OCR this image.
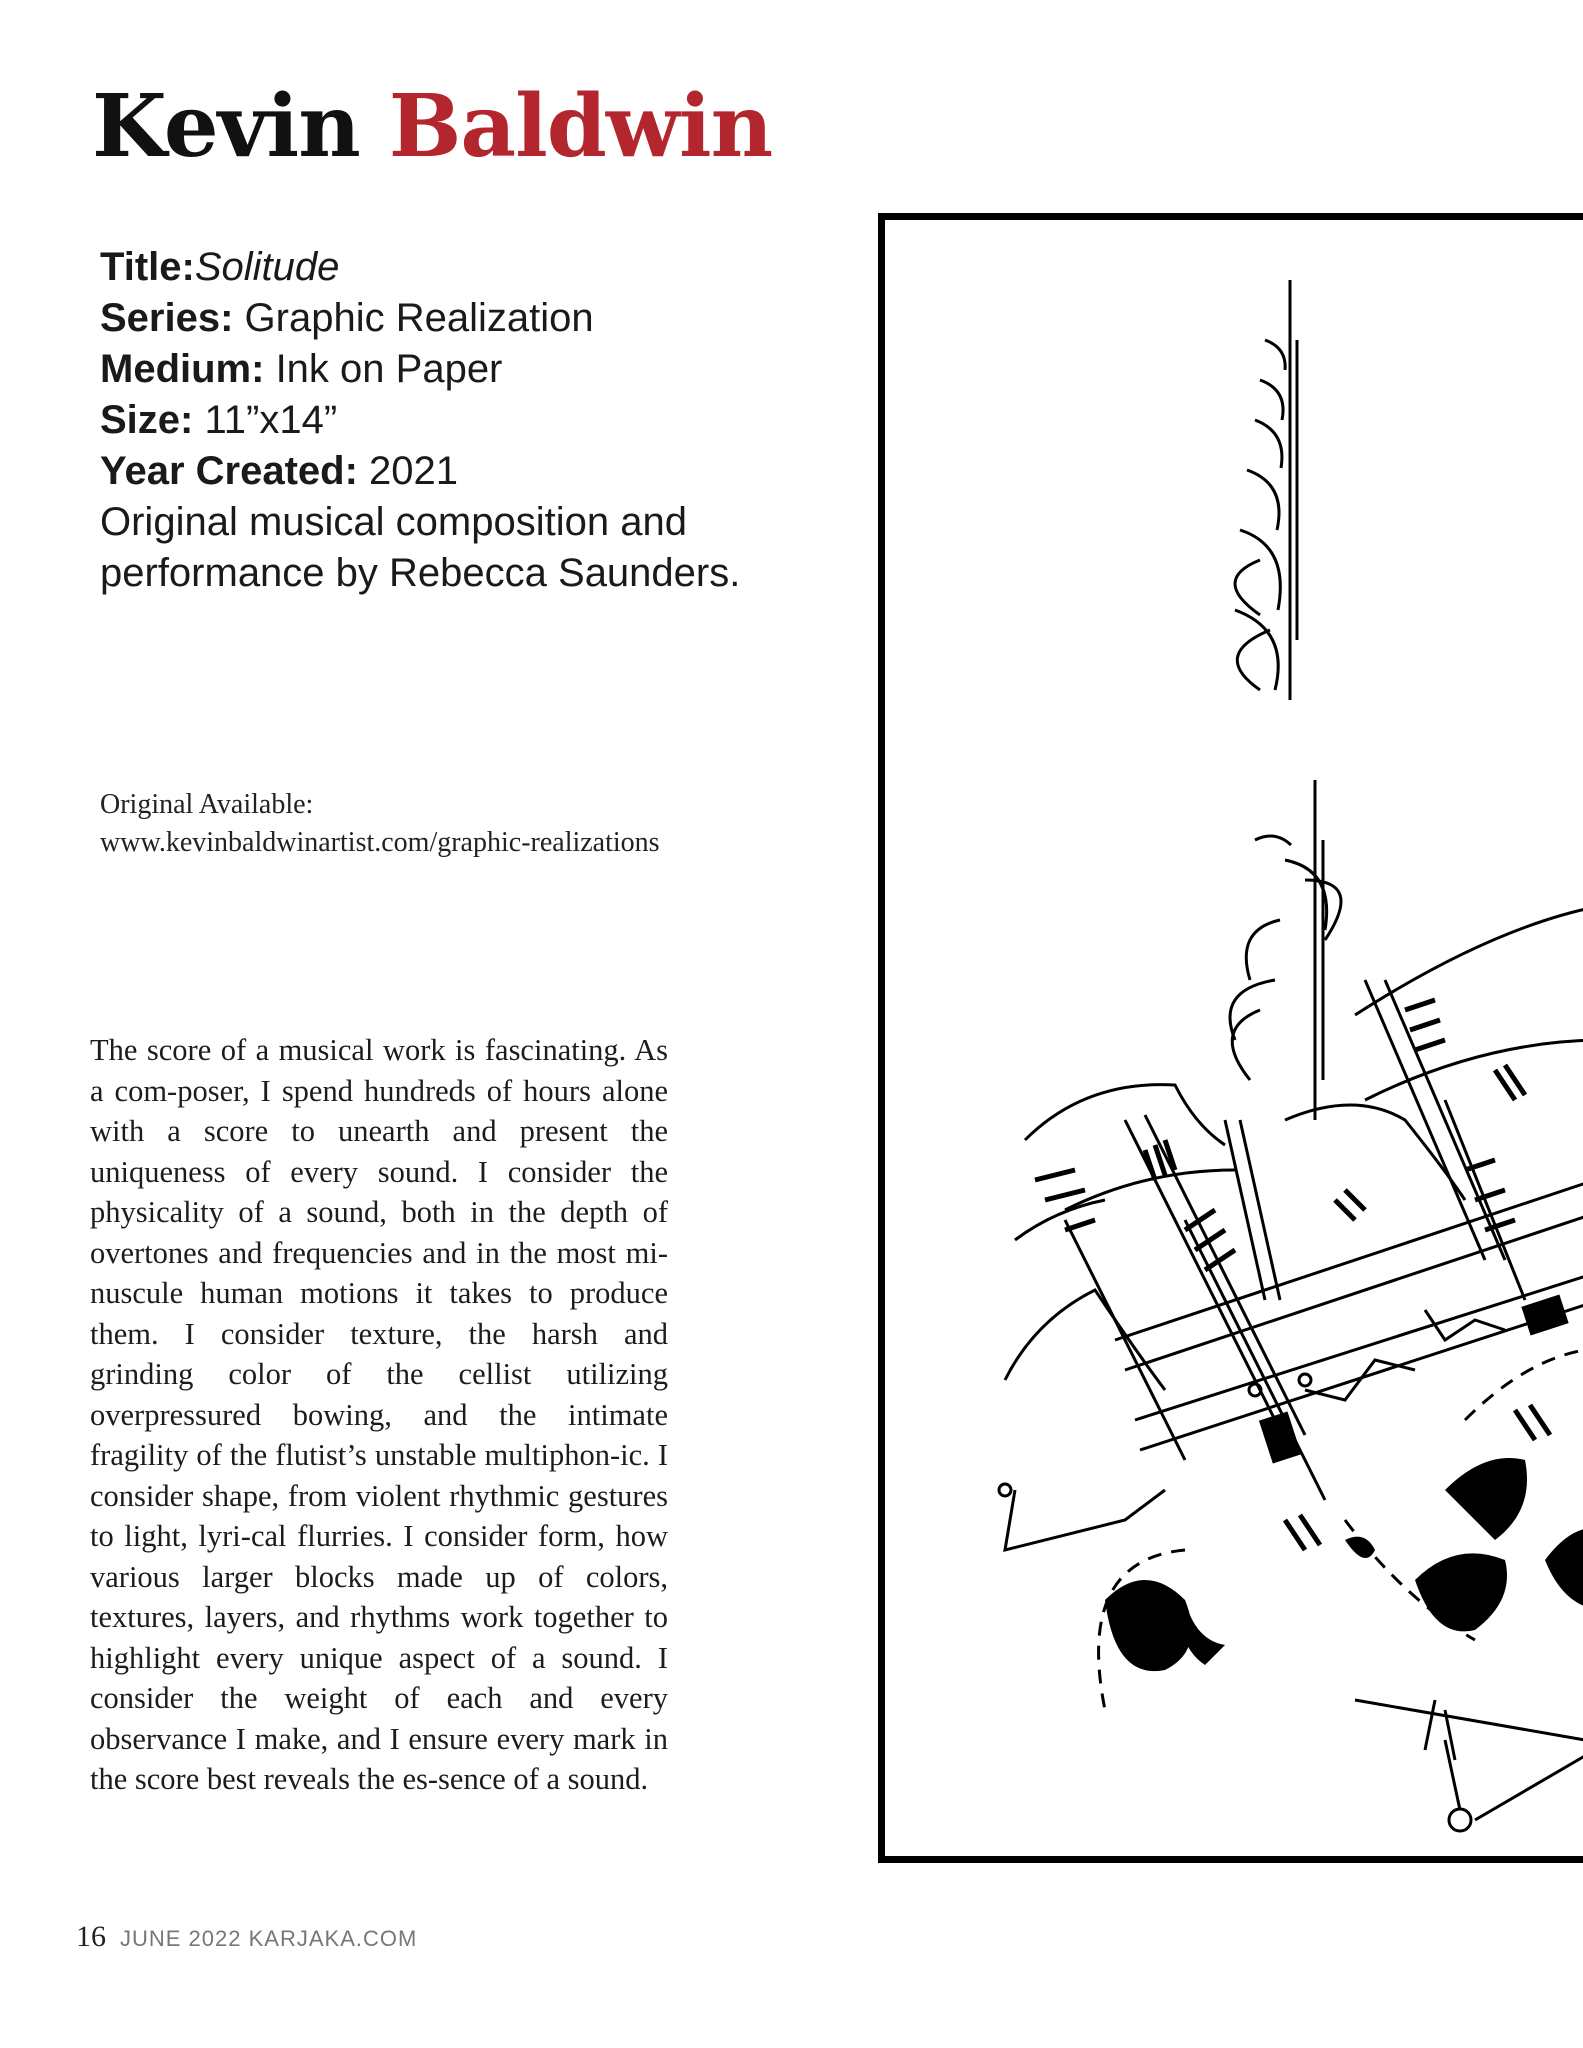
Kevin Baldwin
Title:Solitude
Series: Graphic Realization
Medium: Ink on Paper
Size: 11”x14”
Year Created: 2021
Original musical composition and
performance by Rebecca Saunders.
Original Available:
www.kevinbaldwinartist.com/graphic-realizations

The score of a musical work is fascinating. As a com-poser, I spend hundreds of hours alone with a score to unearth and present the uniqueness of every sound. I consider the physicality of a sound, both in the depth of overtones and frequencies and in the most mi-nuscule human motions it takes to produce them. I consider texture, the harsh and grinding color of the cellist utilizing overpressured bowing, and the intimate fragility of the flutist’s unstable multiphon-ic. I consider shape, from violent rhythmic gestures to light, lyri-cal flurries. I consider form, how various larger blocks made up of colors, textures, layers, and rhythms work together to highlight every unique aspect of a sound. I consider the weight of each and every observance I make, and I ensure every mark in the score best reveals the es-sence of a sound.

16 JUNE 2022 KARJAKA.COM
